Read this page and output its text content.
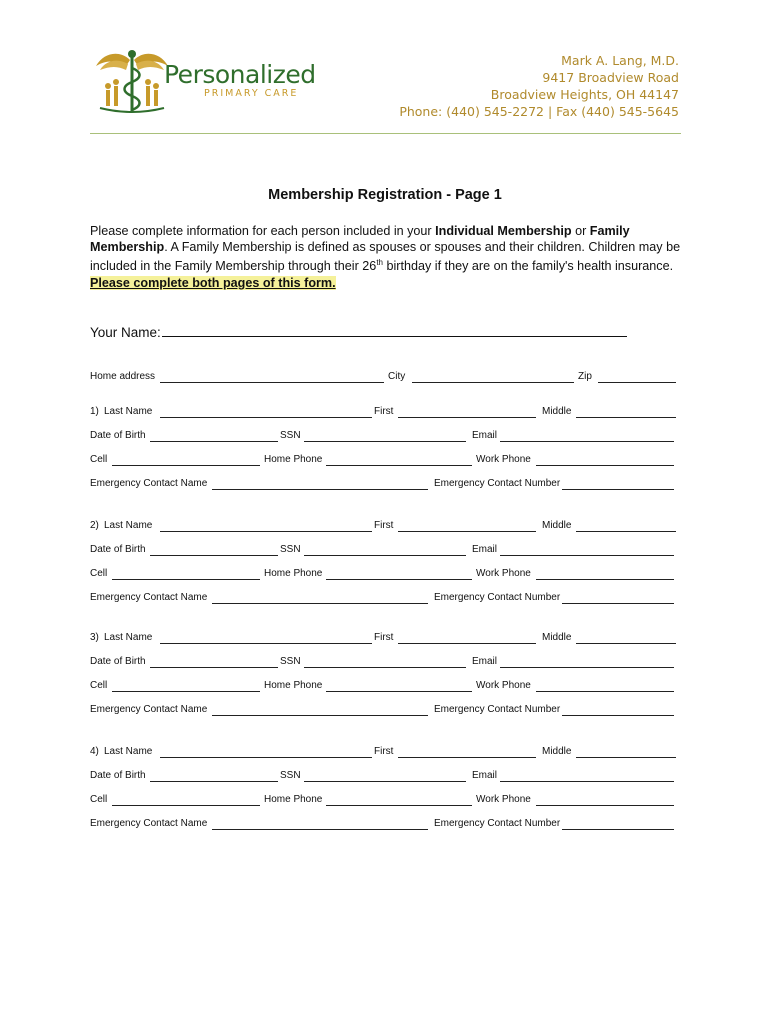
Personalized
PRIMARY CARE
Mark A. Lang, M.D.
9417 Broadview Road
Broadview Heights, OH 44147
Phone: (440) 545-2272 | Fax (440) 545-5645
Membership Registration - Page 1
Please complete information for each person included in your Individual Membership or Family Membership. A Family Membership is defined as spouses or spouses and their children. Children may be included in the Family Membership through their 26th birthday if they are on the family's health insurance. Please complete both pages of this form.
Your Name:
Home address	City	Zip
1) Last Name	First	Middle
Date of Birth	SSN	Email
Cell	Home Phone	Work Phone
Emergency Contact Name	Emergency Contact Number
2) Last Name	First	Middle
Date of Birth	SSN	Email
Cell	Home Phone	Work Phone
Emergency Contact Name	Emergency Contact Number
3) Last Name	First	Middle
Date of Birth	SSN	Email
Cell	Home Phone	Work Phone
Emergency Contact Name	Emergency Contact Number
4) Last Name	First	Middle
Date of Birth	SSN	Email
Cell	Home Phone	Work Phone
Emergency Contact Name	Emergency Contact Number
